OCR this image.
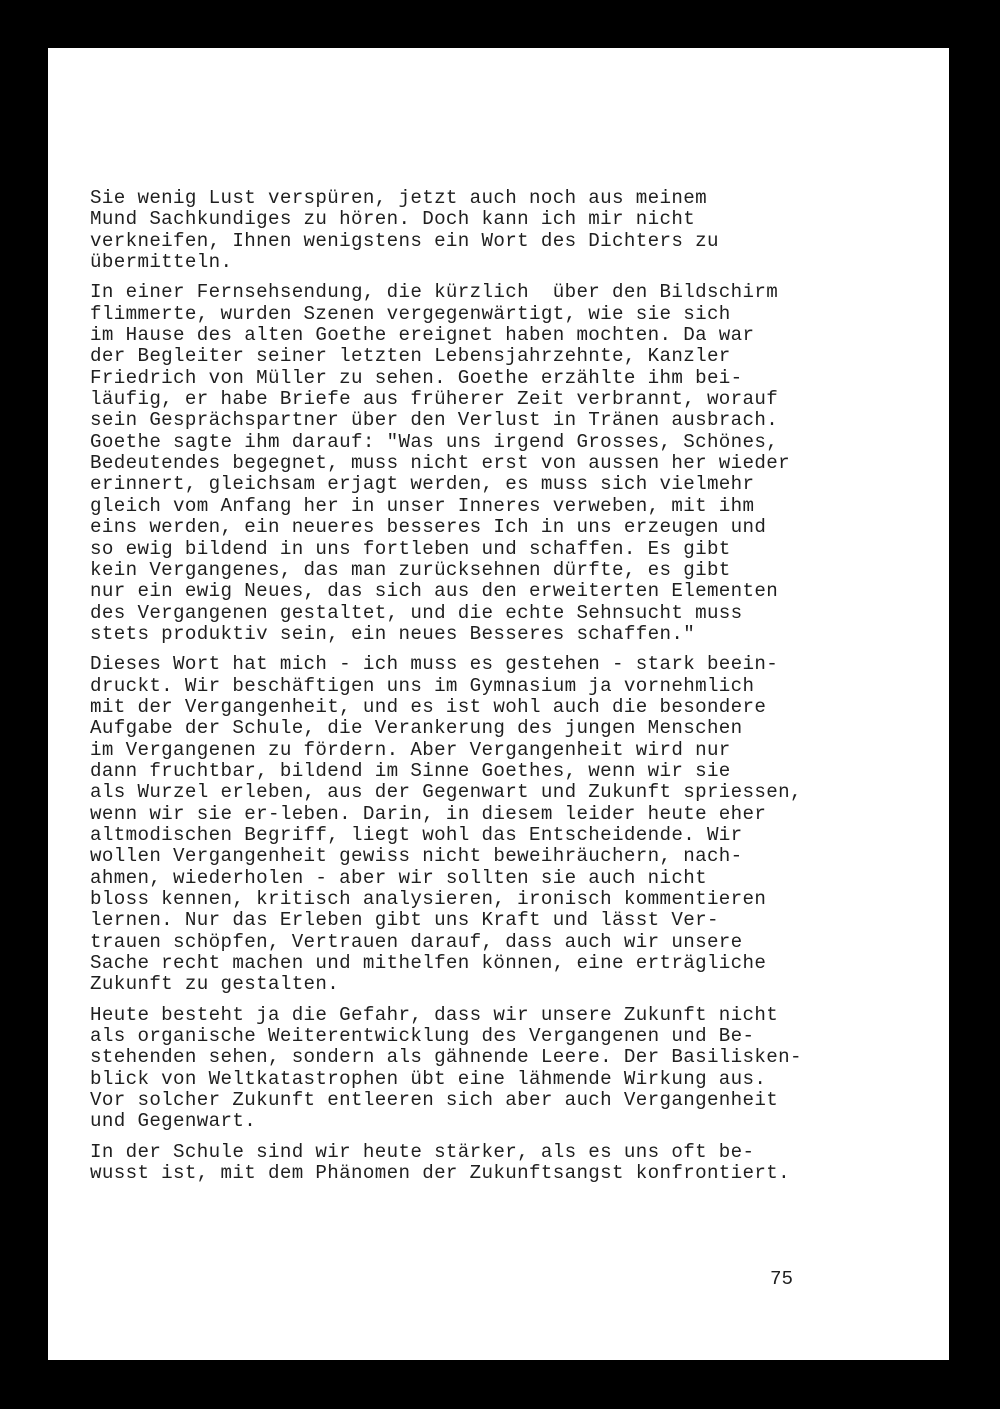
Sie wenig Lust verspüren, jetzt auch noch aus meinem
Mund Sachkundiges zu hören. Doch kann ich mir nicht
verkneifen, Ihnen wenigstens ein Wort des Dichters zu
übermitteln.

In einer Fernsehsendung, die kürzlich  über den Bildschirm
flimmerte, wurden Szenen vergegenwärtigt, wie sie sich
im Hause des alten Goethe ereignet haben mochten. Da war
der Begleiter seiner letzten Lebensjahrzehnte, Kanzler
Friedrich von Müller zu sehen. Goethe erzählte ihm bei-
läufig, er habe Briefe aus früherer Zeit verbrannt, worauf
sein Gesprächspartner über den Verlust in Tränen ausbrach.
Goethe sagte ihm darauf: "Was uns irgend Grosses, Schönes,
Bedeutendes begegnet, muss nicht erst von aussen her wieder
erinnert, gleichsam erjagt werden, es muss sich vielmehr
gleich vom Anfang her in unser Inneres verweben, mit ihm
eins werden, ein neueres besseres Ich in uns erzeugen und
so ewig bildend in uns fortleben und schaffen. Es gibt
kein Vergangenes, das man zurücksehnen dürfte, es gibt
nur ein ewig Neues, das sich aus den erweiterten Elementen
des Vergangenen gestaltet, und die echte Sehnsucht muss
stets produktiv sein, ein neues Besseres schaffen."

Dieses Wort hat mich - ich muss es gestehen - stark beein-
druckt. Wir beschäftigen uns im Gymnasium ja vornehmlich
mit der Vergangenheit, und es ist wohl auch die besondere
Aufgabe der Schule, die Verankerung des jungen Menschen
im Vergangenen zu fördern. Aber Vergangenheit wird nur
dann fruchtbar, bildend im Sinne Goethes, wenn wir sie
als Wurzel erleben, aus der Gegenwart und Zukunft spriessen,
wenn wir sie er-leben. Darin, in diesem leider heute eher
altmodischen Begriff, liegt wohl das Entscheidende. Wir
wollen Vergangenheit gewiss nicht beweihräuchern, nach-
ahmen, wiederholen - aber wir sollten sie auch nicht
bloss kennen, kritisch analysieren, ironisch kommentieren
lernen. Nur das Erleben gibt uns Kraft und lässt Ver-
trauen schöpfen, Vertrauen darauf, dass auch wir unsere
Sache recht machen und mithelfen können, eine erträgliche
Zukunft zu gestalten.

Heute besteht ja die Gefahr, dass wir unsere Zukunft nicht
als organische Weiterentwicklung des Vergangenen und Be-
stehenden sehen, sondern als gähnende Leere. Der Basilisken-
blick von Weltkatastrophen übt eine lähmende Wirkung aus.
Vor solcher Zukunft entleeren sich aber auch Vergangenheit
und Gegenwart.

In der Schule sind wir heute stärker, als es uns oft be-
wusst ist, mit dem Phänomen der Zukunftsangst konfrontiert.

75
